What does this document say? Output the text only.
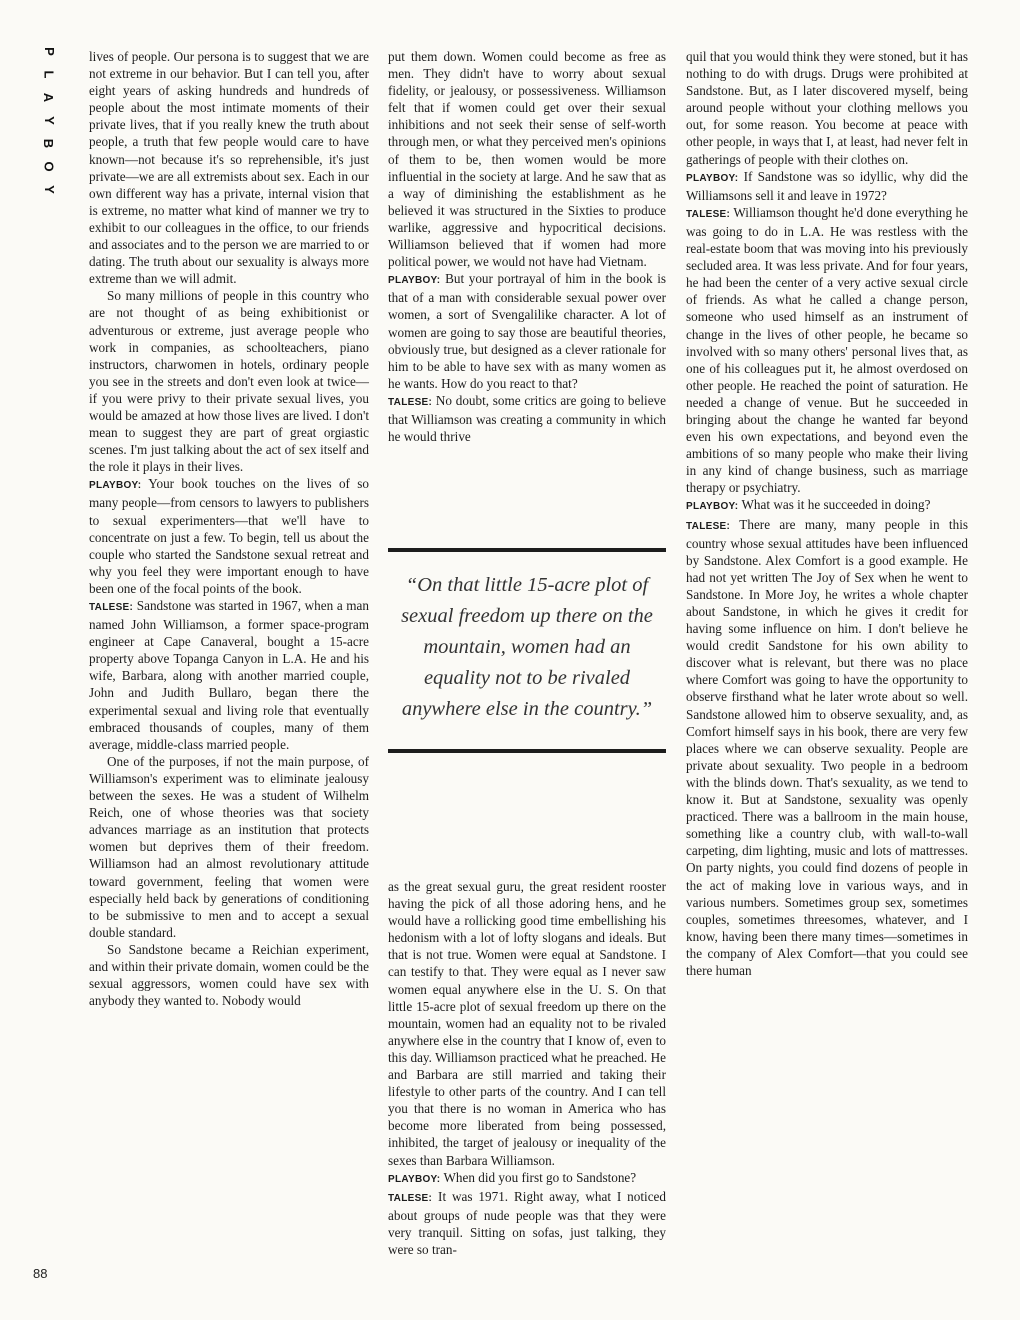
P
L
A
Y
B
O
Y
88

lives of people. Our persona is to suggest that we are not extreme in our behavior. But I can tell you, after eight years of asking hundreds and hundreds of people about the most intimate moments of their private lives, that if you really knew the truth about people, a truth that few people would care to have known—not because it's so reprehensible, it's just private—we are all extremists about sex. Each in our own different way has a private, internal vision that is extreme, no matter what kind of manner we try to exhibit to our colleagues in the office, to our friends and associates and to the person we are married to or dating. The truth about our sexuality is always more extreme than we will admit.

So many millions of people in this country who are not thought of as being exhibitionist or adventurous or extreme, just average people who work in companies, as schoolteachers, piano instructors, charwomen in hotels, ordinary people you see in the streets and don't even look at twice—if you were privy to their private sexual lives, you would be amazed at how those lives are lived. I don't mean to suggest they are part of great orgiastic scenes. I'm just talking about the act of sex itself and the role it plays in their lives.

PLAYBOY: Your book touches on the lives of so many people—from censors to lawyers to publishers to sexual experimenters—that we'll have to concentrate on just a few. To begin, tell us about the couple who started the Sandstone sexual retreat and why you feel they were important enough to have been one of the focal points of the book.

TALESE: Sandstone was started in 1967, when a man named John Williamson, a former space-program engineer at Cape Canaveral, bought a 15-acre property above Topanga Canyon in L.A. He and his wife, Barbara, along with another married couple, John and Judith Bullaro, began there the experimental sexual and living role that eventually embraced thousands of couples, many of them average, middle-class married people.

One of the purposes, if not the main purpose, of Williamson's experiment was to eliminate jealousy between the sexes. He was a student of Wilhelm Reich, one of whose theories was that society advances marriage as an institution that protects women but deprives them of their freedom. Williamson had an almost revolutionary attitude toward government, feeling that women were especially held back by generations of conditioning to be submissive to men and to accept a sexual double standard.

So Sandstone became a Reichian experiment, and within their private domain, women could be the sexual aggressors, women could have sex with anybody they wanted to. Nobody would

put them down. Women could become as free as men. They didn't have to worry about sexual fidelity, or jealousy, or possessiveness. Williamson felt that if women could get over their sexual inhibitions and not seek their sense of self-worth through men, or what they perceived men's opinions of them to be, then women would be more influential in the society at large. And he saw that as a way of diminishing the establishment as he believed it was structured in the Sixties to produce warlike, aggressive and hypocritical decisions. Williamson believed that if women had more political power, we would not have had Vietnam.

PLAYBOY: But your portrayal of him in the book is that of a man with considerable sexual power over women, a sort of Svengalilike character. A lot of women are going to say those are beautiful theories, obviously true, but designed as a clever rationale for him to be able to have sex with as many women as he wants. How do you react to that?

TALESE: No doubt, some critics are going to believe that Williamson was creating a community in which he would thrive

“On that little 15-acre plot of sexual freedom up there on the mountain, women had an equality not to be rivaled anywhere else in the country.”

as the great sexual guru, the great resident rooster having the pick of all those adoring hens, and he would have a rollicking good time embellishing his hedonism with a lot of lofty slogans and ideals. But that is not true. Women were equal at Sandstone. I can testify to that. They were equal as I never saw women equal anywhere else in the U. S. On that little 15-acre plot of sexual freedom up there on the mountain, women had an equality not to be rivaled anywhere else in the country that I know of, even to this day. Williamson practiced what he preached. He and Barbara are still married and taking their lifestyle to other parts of the country. And I can tell you that there is no woman in America who has become more liberated from being possessed, inhibited, the target of jealousy or inequality of the sexes than Barbara Williamson.

PLAYBOY: When did you first go to Sandstone?

TALESE: It was 1971. Right away, what I noticed about groups of nude people was that they were very tranquil. Sitting on sofas, just talking, they were so tran-

quil that you would think they were stoned, but it has nothing to do with drugs. Drugs were prohibited at Sandstone. But, as I later discovered myself, being around people without your clothing mellows you out, for some reason. You become at peace with other people, in ways that I, at least, had never felt in gatherings of people with their clothes on.

PLAYBOY: If Sandstone was so idyllic, why did the Williamsons sell it and leave in 1972?

TALESE: Williamson thought he'd done everything he was going to do in L.A. He was restless with the real-estate boom that was moving into his previously secluded area. It was less private. And for four years, he had been the center of a very active sexual circle of friends. As what he called a change person, someone who used himself as an instrument of change in the lives of other people, he became so involved with so many others' personal lives that, as one of his colleagues put it, he almost overdosed on other people. He reached the point of saturation. He needed a change of venue. But he succeeded in bringing about the change he wanted far beyond even his own expectations, and beyond even the ambitions of so many people who make their living in any kind of change business, such as marriage therapy or psychiatry.

PLAYBOY: What was it he succeeded in doing?

TALESE: There are many, many people in this country whose sexual attitudes have been influenced by Sandstone. Alex Comfort is a good example. He had not yet written The Joy of Sex when he went to Sandstone. In More Joy, he writes a whole chapter about Sandstone, in which he gives it credit for having some influence on him. I don't believe he would credit Sandstone for his own ability to discover what is relevant, but there was no place where Comfort was going to have the opportunity to observe firsthand what he later wrote about so well. Sandstone allowed him to observe sexuality, and, as Comfort himself says in his book, there are very few places where we can observe sexuality. People are private about sexuality. Two people in a bedroom with the blinds down. That's sexuality, as we tend to know it. But at Sandstone, sexuality was openly practiced. There was a ballroom in the main house, something like a country club, with wall-to-wall carpeting, dim lighting, music and lots of mattresses. On party nights, you could find dozens of people in the act of making love in various ways, and in various numbers. Sometimes group sex, sometimes couples, sometimes threesomes, whatever, and I know, having been there many times—sometimes in the company of Alex Comfort—that you could see there human
